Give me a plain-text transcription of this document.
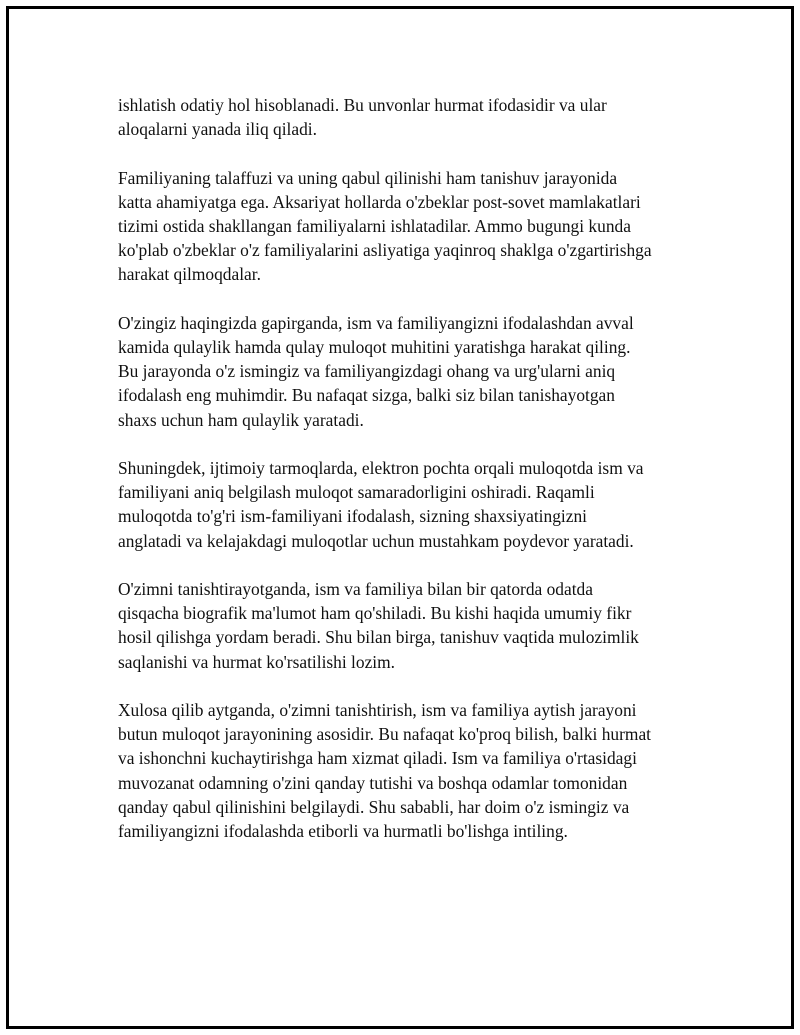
ishlatish odatiy hol hisoblanadi. Bu unvonlar hurmat ifodasidir va ular
aloqalarni yanada iliq qiladi.

Familiyaning talaffuzi va uning qabul qilinishi ham tanishuv jarayonida
katta ahamiyatga ega. Aksariyat hollarda o'zbeklar post-sovet mamlakatlari
tizimi ostida shakllangan familiyalarni ishlatadilar. Ammo bugungi kunda
ko'plab o'zbeklar o'z familiyalarini asliyatiga yaqinroq shaklga o'zgartirishga
harakat qilmoqdalar.

O'zingiz haqingizda gapirganda, ism va familiyangizni ifodalashdan avval
kamida qulaylik hamda qulay muloqot muhitini yaratishga harakat qiling.
Bu jarayonda o'z ismingiz va familiyangizdagi ohang va urg'ularni aniq
ifodalash eng muhimdir. Bu nafaqat sizga, balki siz bilan tanishayotgan
shaxs uchun ham qulaylik yaratadi.

Shuningdek, ijtimoiy tarmoqlarda, elektron pochta orqali muloqotda ism va
familiyani aniq belgilash muloqot samaradorligini oshiradi. Raqamli
muloqotda to'g'ri ism-familiyani ifodalash, sizning shaxsiyatingizni
anglatadi va kelajakdagi muloqotlar uchun mustahkam poydevor yaratadi.

O'zimni tanishtirayotganda, ism va familiya bilan bir qatorda odatda
qisqacha biografik ma'lumot ham qo'shiladi. Bu kishi haqida umumiy fikr
hosil qilishga yordam beradi. Shu bilan birga, tanishuv vaqtida mulozimlik
saqlanishi va hurmat ko'rsatilishi lozim.

Xulosa qilib aytganda, o'zimni tanishtirish, ism va familiya aytish jarayoni
butun muloqot jarayonining asosidir. Bu nafaqat ko'proq bilish, balki hurmat
va ishonchni kuchaytirishga ham xizmat qiladi. Ism va familiya o'rtasidagi
muvozanat odamning o'zini qanday tutishi va boshqa odamlar tomonidan
qanday qabul qilinishini belgilaydi. Shu sababli, har doim o'z ismingiz va
familiyangizni ifodalashda etiborli va hurmatli bo'lishga intiling.
